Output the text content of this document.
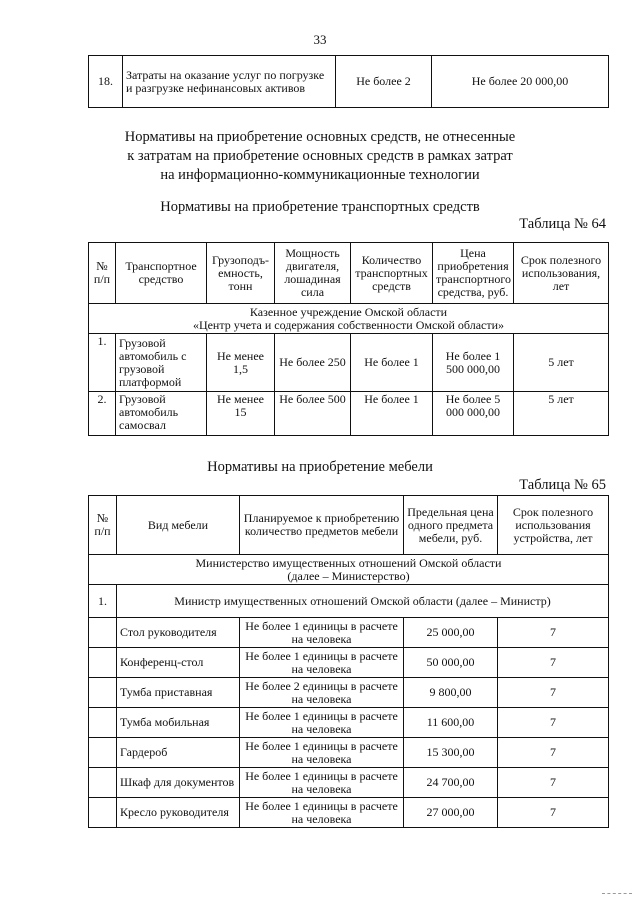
33
18.	Затраты на оказание услуг по погрузке и разгрузке нефинансовых активов	Не более 2	Не более 20 000,00
Нормативы на приобретение основных средств, не отнесенные
к затратам на приобретение основных средств в рамках затрат
на информационно-коммуникационные технологии
Нормативы на приобретение транспортных средств
Таблица № 64
№ п/п	Транспортное средство	Грузоподъ-емность, тонн	Мощность двигателя, лошадиная сила	Количество транспортных средств	Цена приобретения транспортного средства, руб.	Срок полезного использования, лет

Казенное учреждение Омской области
«Центр учета и содержания собственности Омской области»						

1.	Грузовой автомобиль с грузовой платформой	Не менее 1,5	Не более 250	Не более 1	Не более 1 500 000,00	5 лет
2.	Грузовой автомобиль самосвал	Не менее 15	Не более 500	Не более 1	Не более 5 000 000,00	5 лет
Нормативы на приобретение мебели
Таблица № 65
№ п/п	Вид мебели	Планируемое к приобретению количество предметов мебели	Предельная цена одного предмета мебели, руб.	Срок полезного использования устройства, лет

Министерство имущественных отношений Омской области
(далее – Министерство)				

1.	Министр имущественных отношений Омской области (далее – Министр)			
	Стол руководителя	Не более 1 единицы в расчете на человека	25 000,00	7
	Конференц-стол	Не более 1 единицы в расчете на человека	50 000,00	7
	Тумба приставная	Не более 2 единицы в расчете на человека	9 800,00	7
	Тумба мобильная	Не более 1 единицы в расчете на человека	11 600,00	7
	Гардероб	Не более 1 единицы в расчете на человека	15 300,00	7
	Шкаф для документов	Не более 1 единицы в расчете на человека	24 700,00	7
	Кресло руководителя	Не более 1 единицы в расчете на человека	27 000,00	7
